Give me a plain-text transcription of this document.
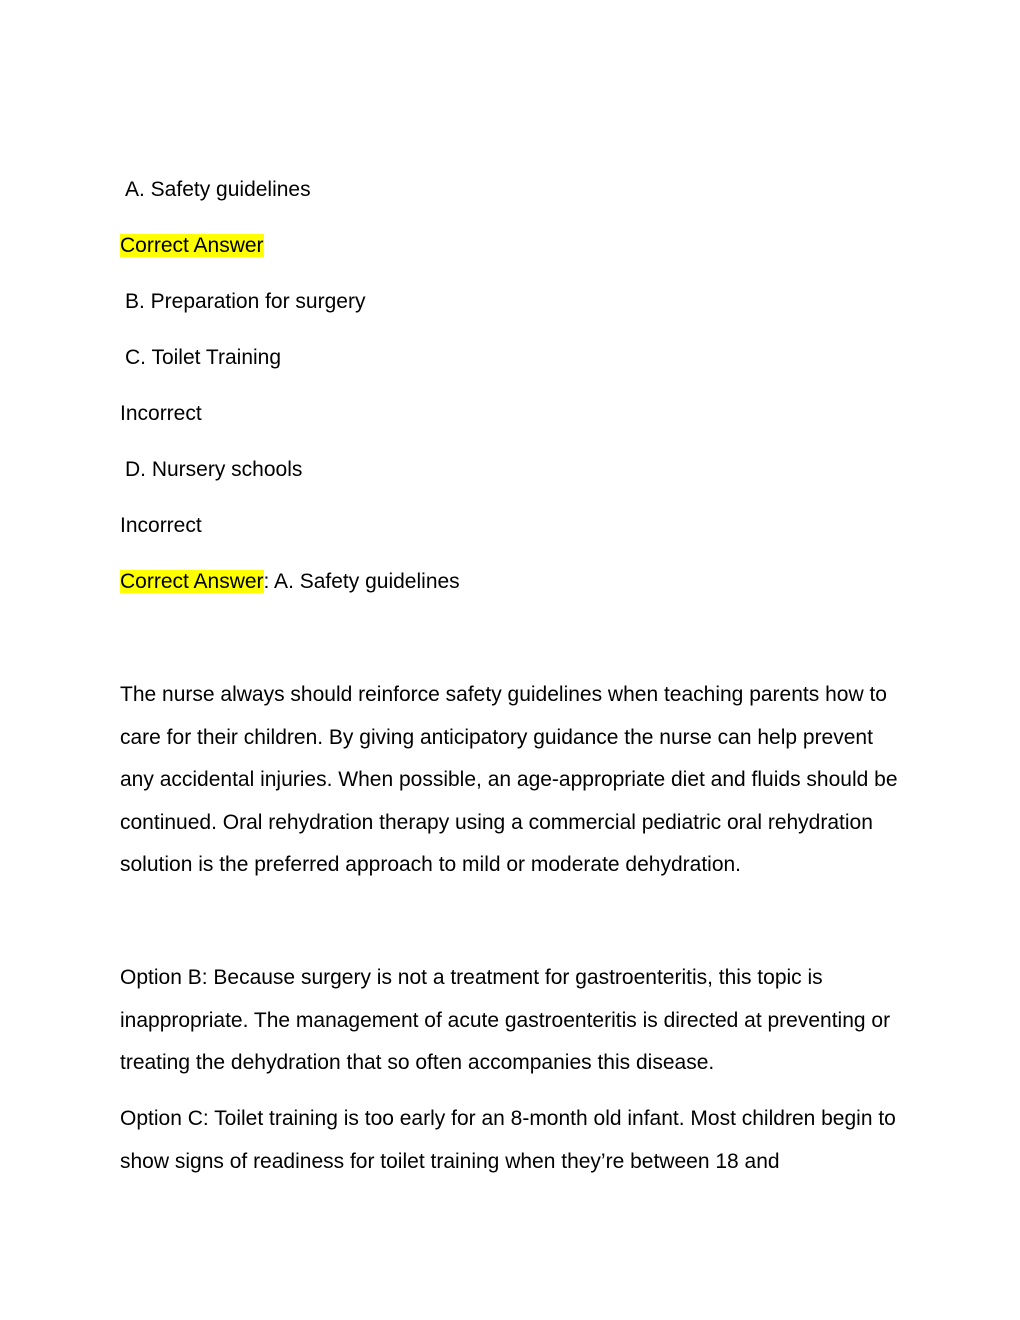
A. Safety guidelines

Correct Answer

B. Preparation for surgery

C. Toilet Training

Incorrect

D. Nursery schools

Incorrect

Correct Answer: A. Safety guidelines

The nurse always should reinforce safety guidelines when teaching parents how to care for their children. By giving anticipatory guidance the nurse can help prevent any accidental injuries. When possible, an age-appropriate diet and fluids should be continued. Oral rehydration therapy using a commercial pediatric oral rehydration solution is the preferred approach to mild or moderate dehydration.

Option B: Because surgery is not a treatment for gastroenteritis, this topic is inappropriate. The management of acute gastroenteritis is directed at preventing or treating the dehydration that so often accompanies this disease.

Option C: Toilet training is too early for an 8-month old infant. Most children begin to show signs of readiness for toilet training when they’re between 18 and
